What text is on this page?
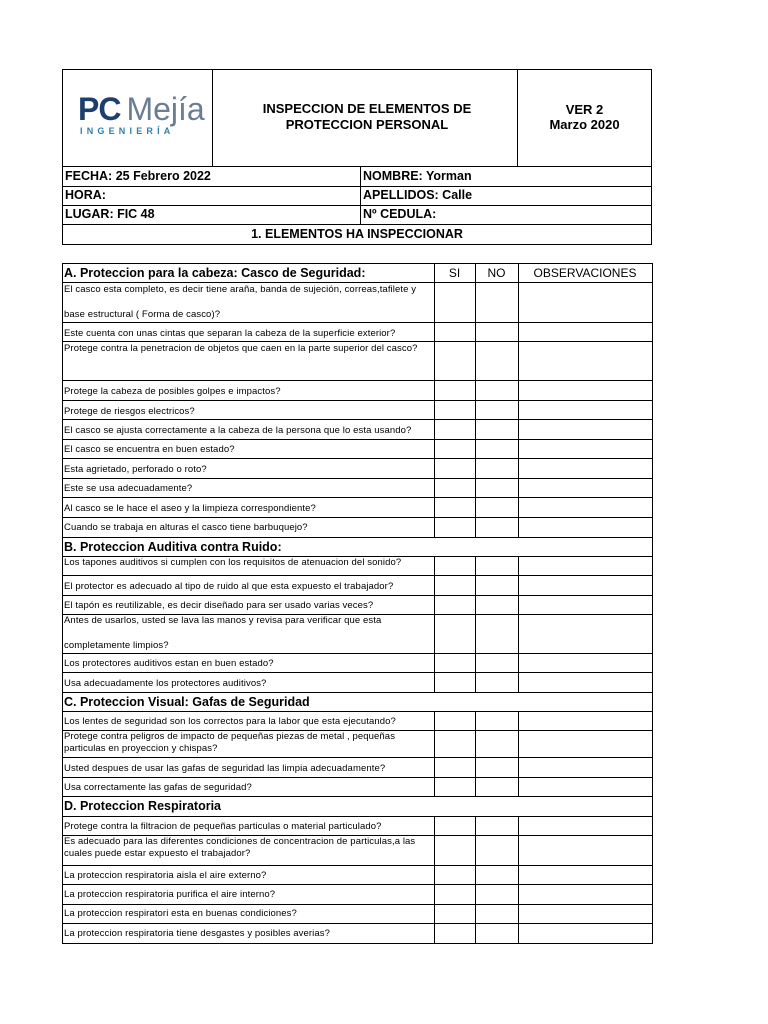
PC Mejía
INGENIERÍA
INSPECCION DE ELEMENTOS DE PROTECCION PERSONAL
VER 2
Marzo 2020
FECHA: 25 Febrero 2022	NOMBRE: Yorman
HORA:	APELLIDOS: Calle
LUGAR: FIC 48	Nº CEDULA:
1. ELEMENTOS HA INSPECCIONAR
A. Proteccion para la cabeza: Casco de Seguridad:	SI	NO	OBSERVACIONES
El casco esta completo, es decir tiene araña, banda de sujeción, correas,tafilete y
base estructural ( Forma de casco)?
Este cuenta con unas cintas que separan la cabeza de la superficie exterior?
Protege contra la penetracion de objetos que caen en la parte superior del casco?
Protege la cabeza de posibles golpes e impactos?
Protege de riesgos electricos?
El casco se ajusta correctamente a la cabeza de la persona que lo esta usando?
El casco se encuentra en buen estado?
Esta agrietado, perforado o roto?
Este se usa adecuadamente?
Al casco se le hace el aseo y la limpieza correspondiente?
Cuando se trabaja en alturas el casco tiene barbuquejo?
B. Proteccion Auditiva contra Ruido:
Los tapones auditivos si cumplen con los requisitos de atenuacion del sonido?
El protector es adecuado al tipo de ruido al que esta expuesto el trabajador?
El tapón es reutilizable, es decir diseñado para ser usado varias veces?
Antes de usarlos, usted se lava las manos y revisa para verificar que esta
completamente limpios?
Los protectores auditivos estan en buen estado?
Usa adecuadamente los protectores auditivos?
C. Proteccion Visual: Gafas de Seguridad
Los lentes de seguridad son los correctos para la labor que esta ejecutando?
Protege contra peligros de impacto de pequeñas piezas de metal , pequeñas
particulas en proyeccion y chispas?
Usted despues de usar las gafas de seguridad las limpia adecuadamente?
Usa correctamente las gafas de seguridad?
D. Proteccion Respiratoria
Protege contra la filtracion de pequeñas particulas o material particulado?
Es adecuado para las diferentes condiciones de concentracion de particulas,a las
cuales puede estar expuesto el trabajador?
La proteccion respiratoria aisla el aire externo?
La proteccion respiratoria purifica el aire interno?
La proteccion respiratori esta en buenas condiciones?
La proteccion respiratoria tiene desgastes y posibles averias?
